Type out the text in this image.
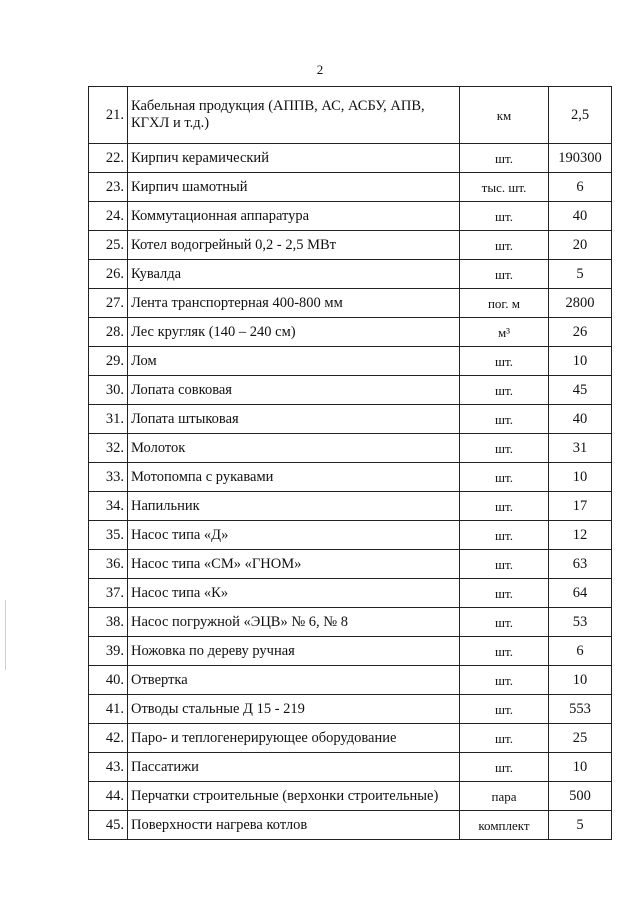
2
21.	Кабельная продукция (АППВ, АС, АСБУ, АПВ,
КГХЛ и т.д.)	км	2,5
22.	Кирпич керамический	шт.	190300
23.	Кирпич шамотный	тыс. шт.	6
24.	Коммутационная аппаратура	шт.	40
25.	Котел водогрейный 0,2 - 2,5 МВт	шт.	20
26.	Кувалда	шт.	5
27.	Лента транспортерная 400-800 мм	пог. м	2800
28.	Лес кругляк (140 – 240 см)	м³	26
29.	Лом	шт.	10
30.	Лопата совковая	шт.	45
31.	Лопата штыковая	шт.	40
32.	Молоток	шт.	31
33.	Мотопомпа с рукавами	шт.	10
34.	Напильник	шт.	17
35.	Насос типа «Д»	шт.	12
36.	Насос типа «СМ» «ГНОМ»	шт.	63
37.	Насос типа «К»	шт.	64
38.	Насос погружной «ЭЦВ» № 6, № 8	шт.	53
39.	Ножовка по дереву ручная	шт.	6
40.	Отвертка	шт.	10
41.	Отводы стальные Д 15 - 219	шт.	553
42.	Паро- и теплогенерирующее оборудование	шт.	25
43.	Пассатижи	шт.	10
44.	Перчатки строительные (верхонки строительные)	пара	500
45.	Поверхности нагрева котлов	комплект	5
